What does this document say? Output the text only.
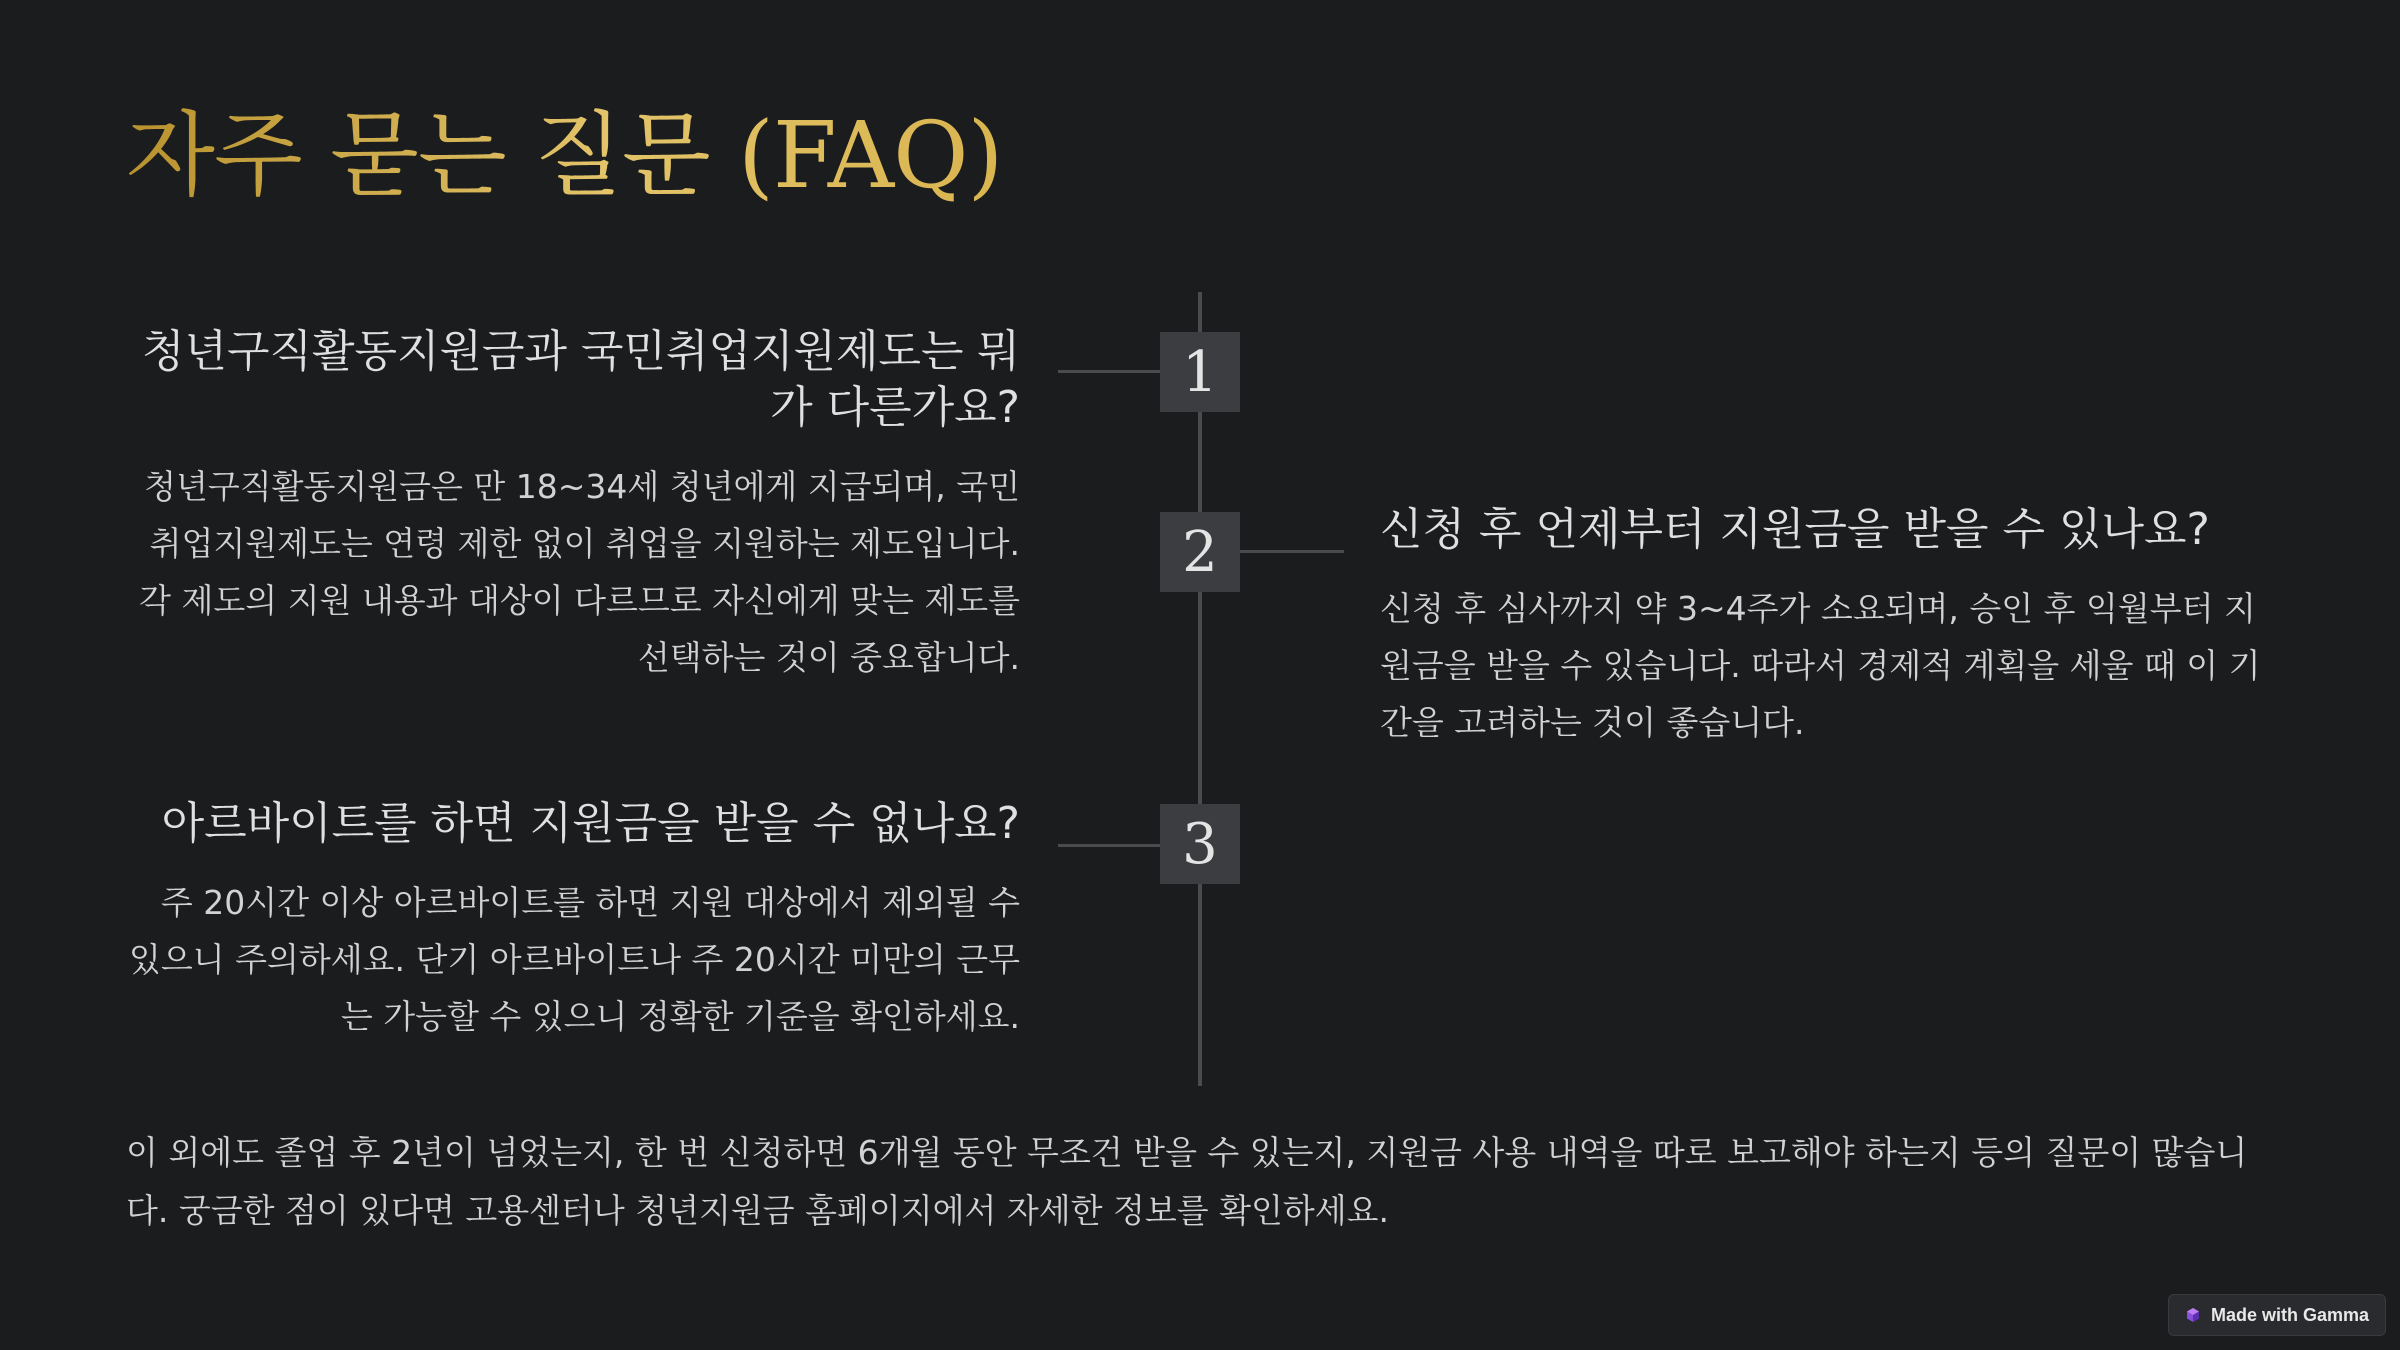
자주 묻는 질문 (FAQ)
1
2
3
청년구직활동지원금과 국민취업지원제도는 뭐가 다른가요?

청년구직활동지원금은 만 18~34세 청년에게 지급되며, 국민취업지원제도는 연령 제한 없이 취업을 지원하는 제도입니다. 각 제도의 지원 내용과 대상이 다르므로 자신에게 맞는 제도를 선택하는 것이 중요합니다.

신청 후 언제부터 지원금을 받을 수 있나요?

신청 후 심사까지 약 3~4주가 소요되며, 승인 후 익월부터 지원금을 받을 수 있습니다. 따라서 경제적 계획을 세울 때 이 기간을 고려하는 것이 좋습니다.

아르바이트를 하면 지원금을 받을 수 없나요?

주 20시간 이상 아르바이트를 하면 지원 대상에서 제외될 수 있으니 주의하세요. 단기 아르바이트나 주 20시간 미만의 근무는 가능할 수 있으니 정확한 기준을 확인하세요.

이 외에도 졸업 후 2년이 넘었는지, 한 번 신청하면 6개월 동안 무조건 받을 수 있는지, 지원금 사용 내역을 따로 보고해야 하는지 등의 질문이 많습니다. 궁금한 점이 있다면 고용센터나 청년지원금 홈페이지에서 자세한 정보를 확인하세요.

Made with Gamma
